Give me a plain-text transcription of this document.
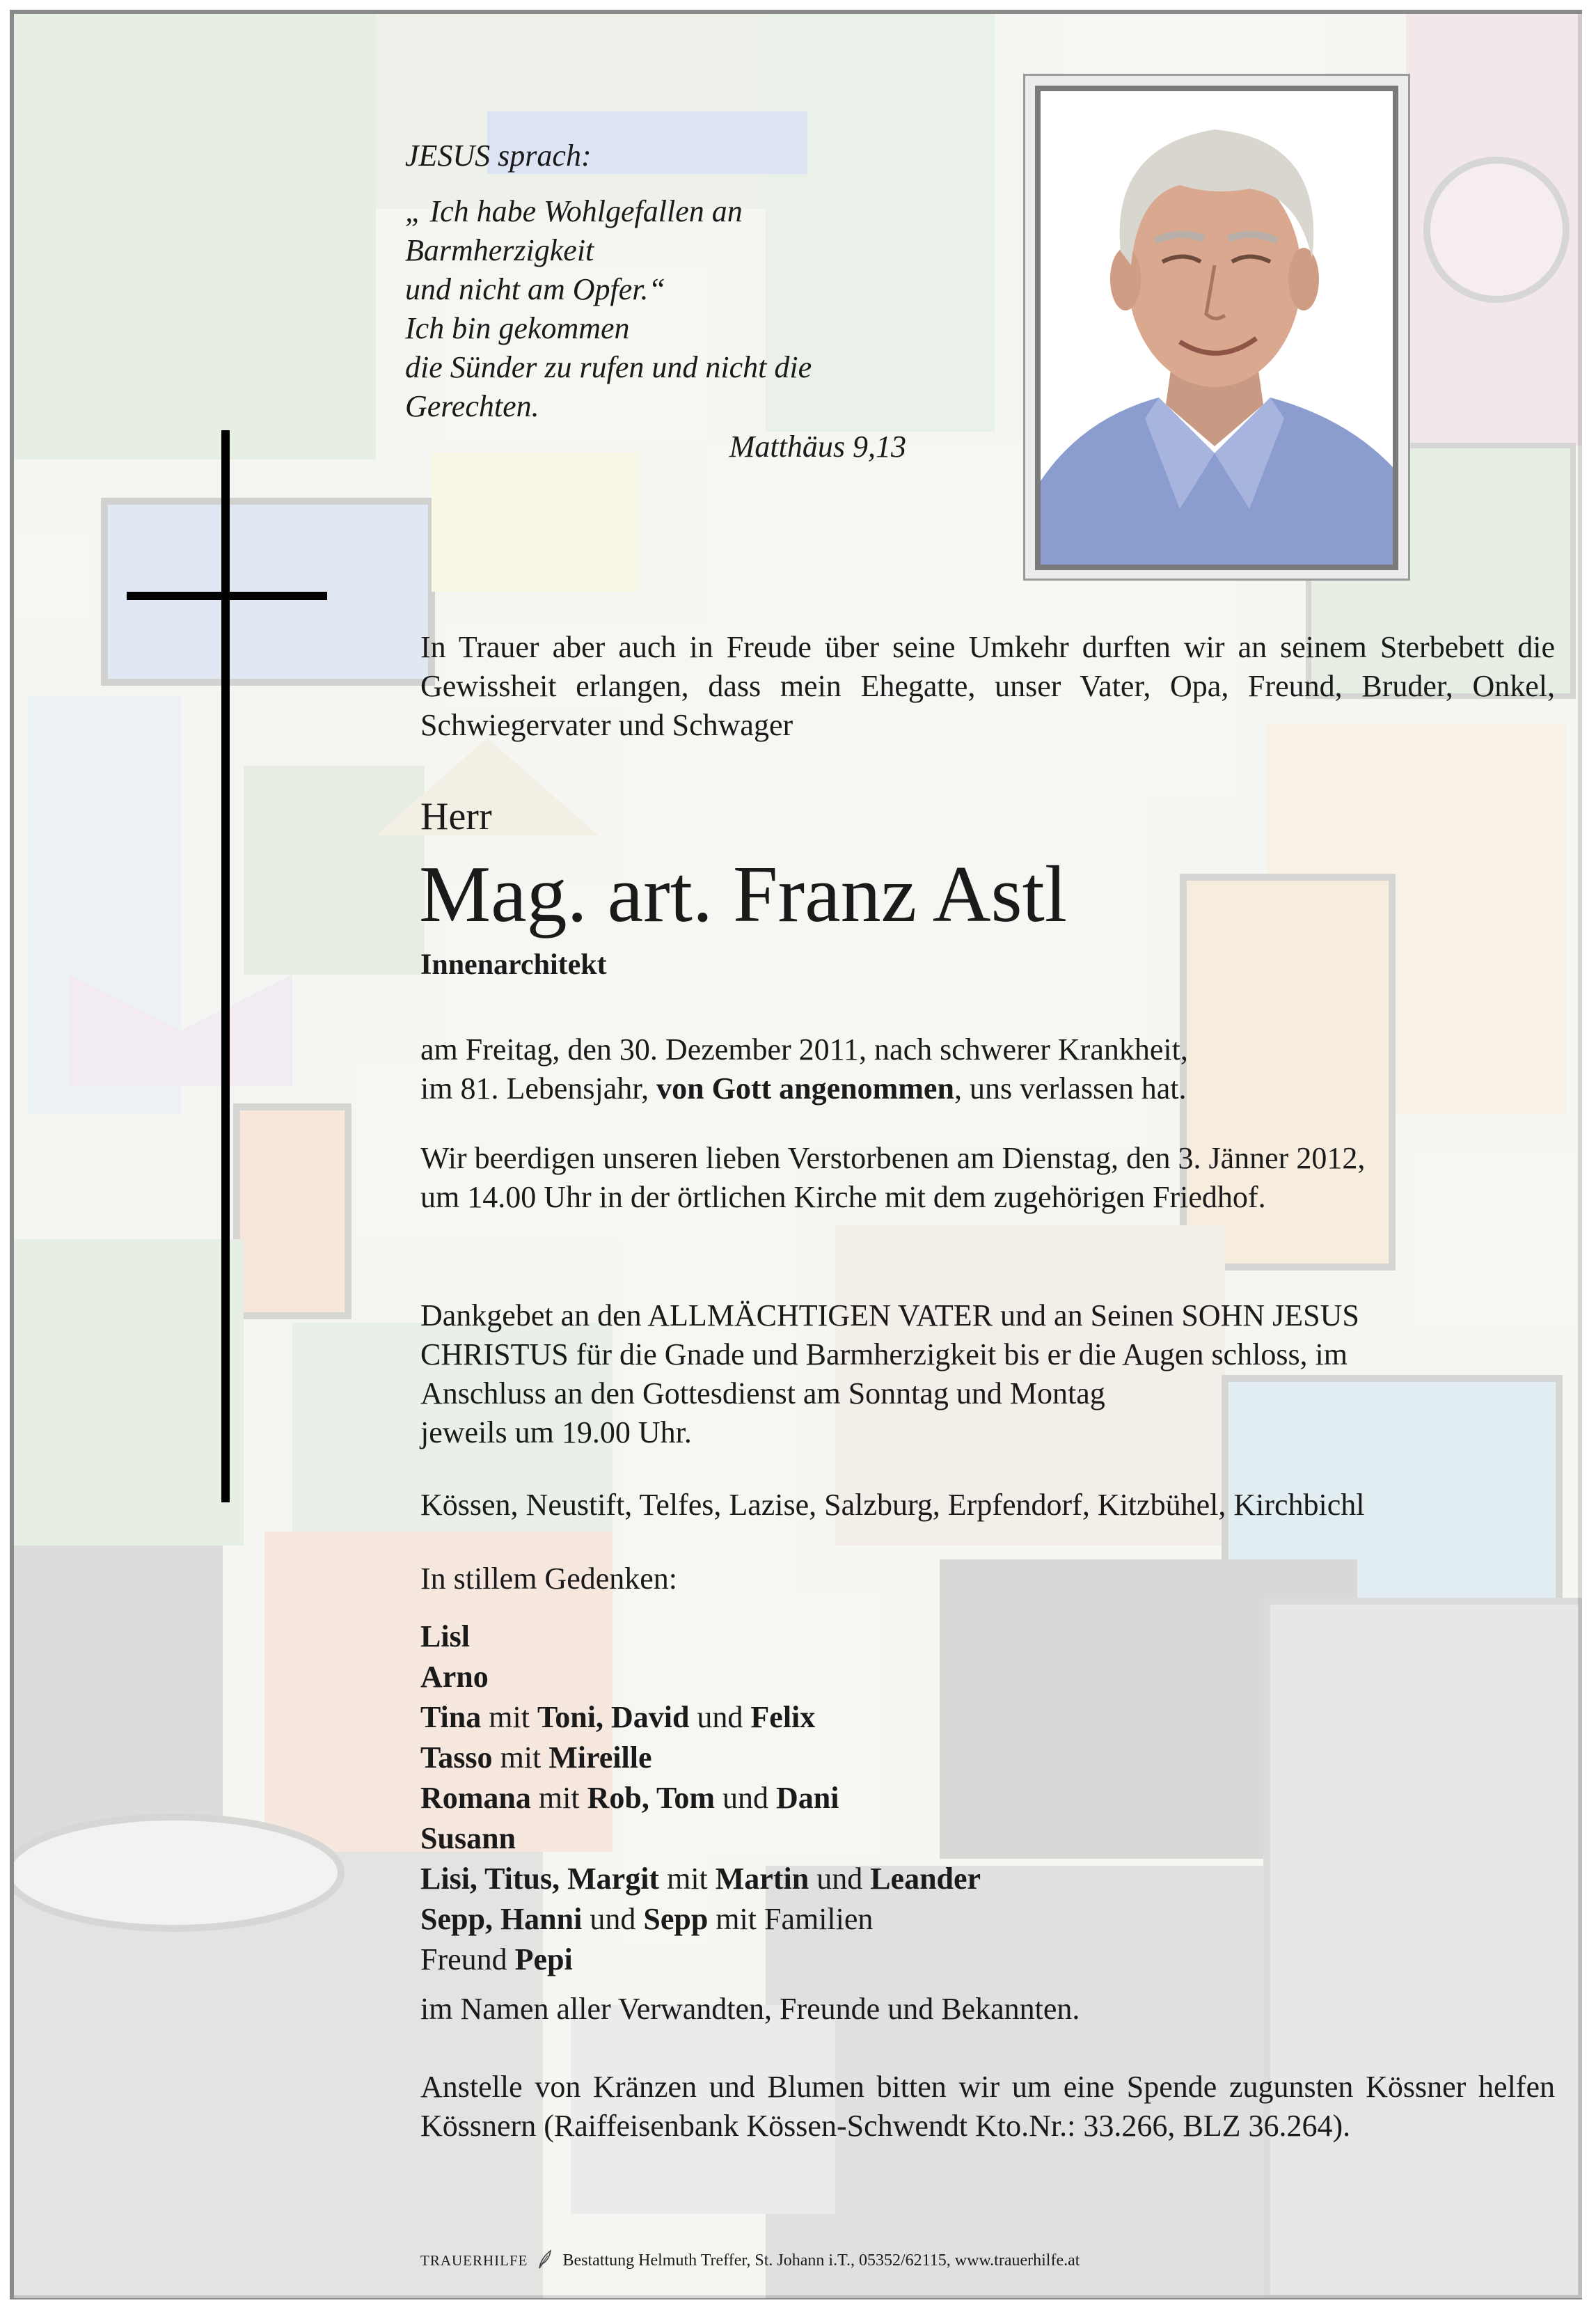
JESUS sprach:
„ Ich habe Wohlgefallen an
Barmherzigkeit
und nicht am Opfer.“
Ich bin gekommen
die Sünder zu rufen und nicht die
Gerechten.
Matthäus 9,13
In Trauer aber auch in Freude über seine Umkehr durften wir an seinem Sterbebett die Gewissheit erlangen, dass mein Ehegatte, unser Vater, Opa, Freund, Bruder, Onkel, Schwiegervater und Schwager
Herr
Mag. art. Franz Astl
Innenarchitekt
am Freitag, den 30. Dezember 2011, nach schwerer Krankheit,
im 81. Lebensjahr, von Gott angenommen, uns verlassen hat.
Wir beerdigen unseren lieben Verstorbenen am Dienstag, den 3. Jänner 2012,
um 14.00 Uhr in der örtlichen Kirche mit dem zugehörigen Friedhof.
Dankgebet an den ALLMÄCHTIGEN VATER und an Seinen SOHN JESUS
CHRISTUS für die Gnade und Barmherzigkeit bis er die Augen schloss, im
Anschluss an den Gottesdienst am Sonntag und Montag
jeweils um 19.00 Uhr.
Kössen, Neustift, Telfes, Lazise, Salzburg, Erpfendorf, Kitzbühel, Kirchbichl
In stillem Gedenken:
Lisl
Arno
Tina mit Toni, David und Felix
Tasso mit Mireille
Romana mit Rob, Tom und Dani
Susann
Lisi, Titus, Margit mit Martin und Leander
Sepp, Hanni und Sepp mit Familien
Freund Pepi
im Namen aller Verwandten, Freunde und Bekannten.
Anstelle von Kränzen und Blumen bitten wir um eine Spende zugunsten Kössner helfen Kössnern (Raiffeisenbank Kössen-Schwendt Kto.Nr.: 33.266, BLZ 36.264).
TRAUERHILFE Bestattung Helmuth Treffer, St. Johann i.T., 05352/62115, www.trauerhilfe.at
